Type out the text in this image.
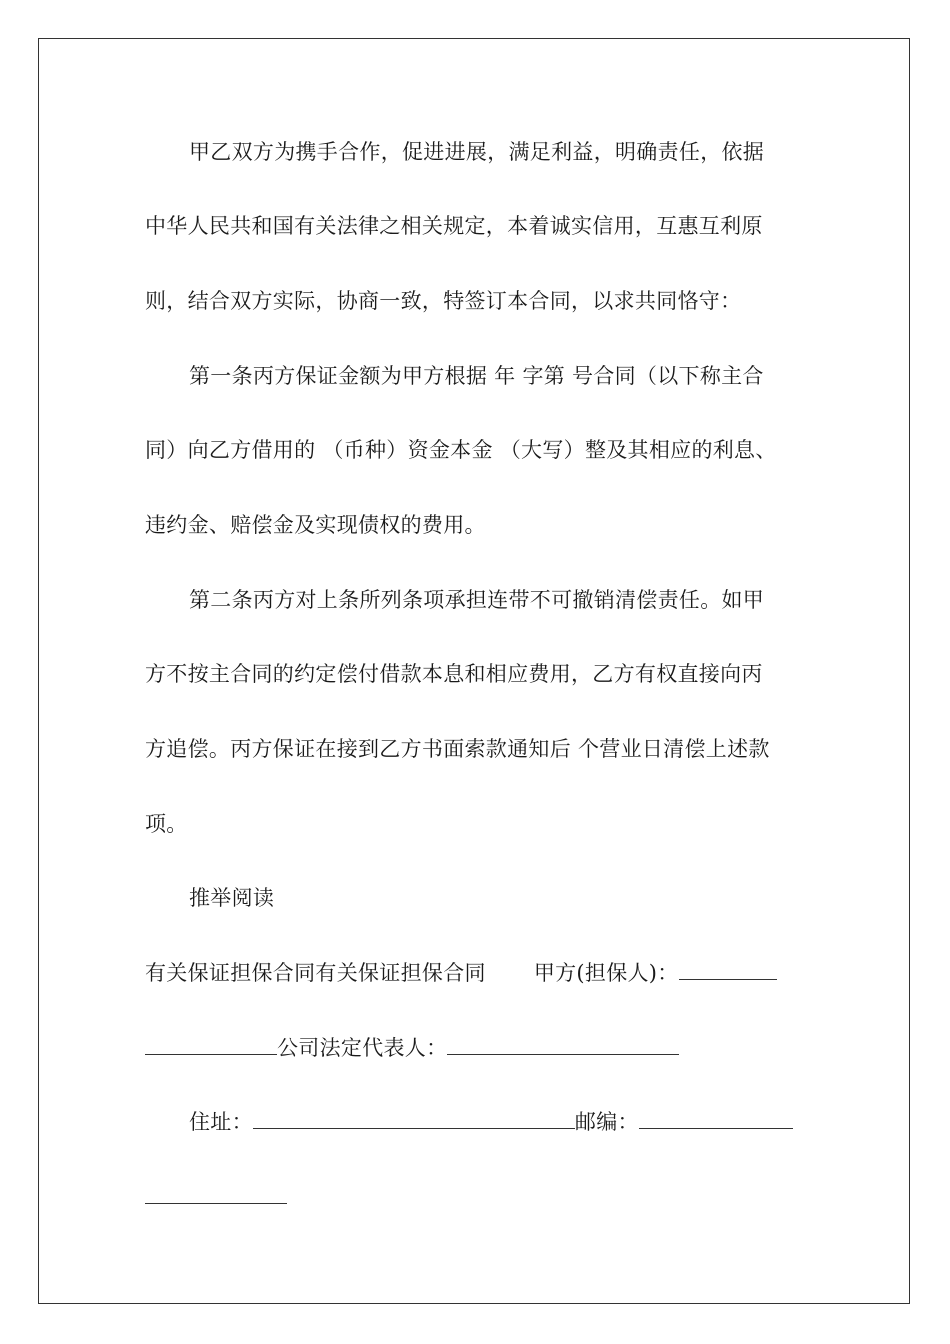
甲乙双方为携手合作，促进进展，满足利益，明确责任，依据
中华人民共和国有关法律之相关规定，本着诚实信用，互惠互利原
则，结合双方实际，协商一致，特签订本合同，以求共同恪守：
第一条丙方保证金额为甲方根据 年 字第 号合同（以下称主合
同）向乙方借用的 （币种）资金本金 （大写）整及其相应的利息、
违约金、赔偿金及实现债权的费用。
第二条丙方对上条所列条项承担连带不可撤销清偿责任。如甲
方不按主合同的约定偿付借款本息和相应费用，乙方有权直接向丙
方追偿。丙方保证在接到乙方书面索款通知后 个营业日清偿上述款
项。
推举阅读
有关保证担保合同有关保证担保合同 甲方(担保人)：
公司法定代表人：
住址：	邮编：
